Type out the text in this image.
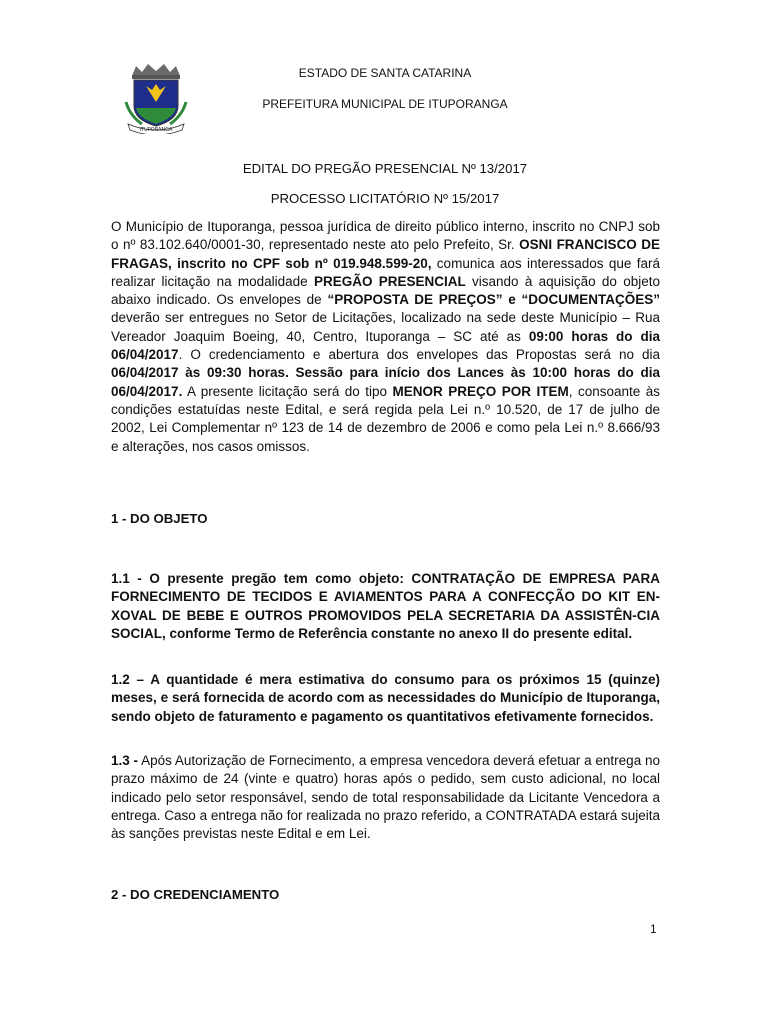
ITUPORANGA
ESTADO DE SANTA CATARINA
PREFEITURA MUNICIPAL DE ITUPORANGA
EDITAL DO PREGÃO PRESENCIAL Nº 13/2017
PROCESSO LICITATÓRIO Nº 15/2017

O Município de Ituporanga, pessoa jurídica de direito público interno, inscrito no CNPJ sob o nº 83.102.640/0001-30, representado neste ato pelo Prefeito, Sr. OSNI FRANCISCO DE FRAGAS, inscrito no CPF sob nº 019.948.599-20, comunica aos interessados que fará realizar licitação na modalidade PREGÃO PRESENCIAL visando à aquisição do objeto abaixo indicado. Os envelopes de “PROPOSTA DE PREÇOS” e “DOCUMENTAÇÕES” deverão ser entregues no Setor de Licitações, localizado na sede deste Município – Rua Vereador Joaquim Boeing, 40, Centro, Ituporanga – SC até as 09:00 horas do dia 06/04/2017. O credenciamento e abertura dos envelopes das Propostas será no dia 06/04/2017 às 09:30 horas. Sessão para início dos Lances às 10:00 horas do dia 06/04/2017. A presente licitação será do tipo MENOR PREÇO POR ITEM, consoante às condições estatuídas neste Edital, e será regida pela Lei n.º 10.520, de 17 de julho de 2002, Lei Complementar nº 123 de 14 de dezembro de 2006 e como pela Lei n.º 8.666/93 e alterações, nos casos omissos.

1 - DO OBJETO

1.1 - O presente pregão tem como objeto: CONTRATAÇÃO DE EMPRESA PARA FORNECIMENTO DE TECIDOS E AVIAMENTOS PARA A CONFECÇÃO DO KIT EN-XOVAL DE BEBE E OUTROS PROMOVIDOS PELA SECRETARIA DA ASSISTÊN-CIA SOCIAL, conforme Termo de Referência constante no anexo II do presente edital.

1.2 – A quantidade é mera estimativa do consumo para os próximos 15 (quinze) meses, e será fornecida de acordo com as necessidades do Município de Ituporanga, sendo objeto de faturamento e pagamento os quantitativos efetivamente fornecidos.

1.3 - Após Autorização de Fornecimento, a empresa vencedora deverá efetuar a entrega no prazo máximo de 24 (vinte e quatro) horas após o pedido, sem custo adicional, no local indicado pelo setor responsável, sendo de total responsabilidade da Licitante Vencedora a entrega. Caso a entrega não for realizada no prazo referido, a CONTRATADA estará sujeita às sanções previstas neste Edital e em Lei.

2 - DO CREDENCIAMENTO
1
